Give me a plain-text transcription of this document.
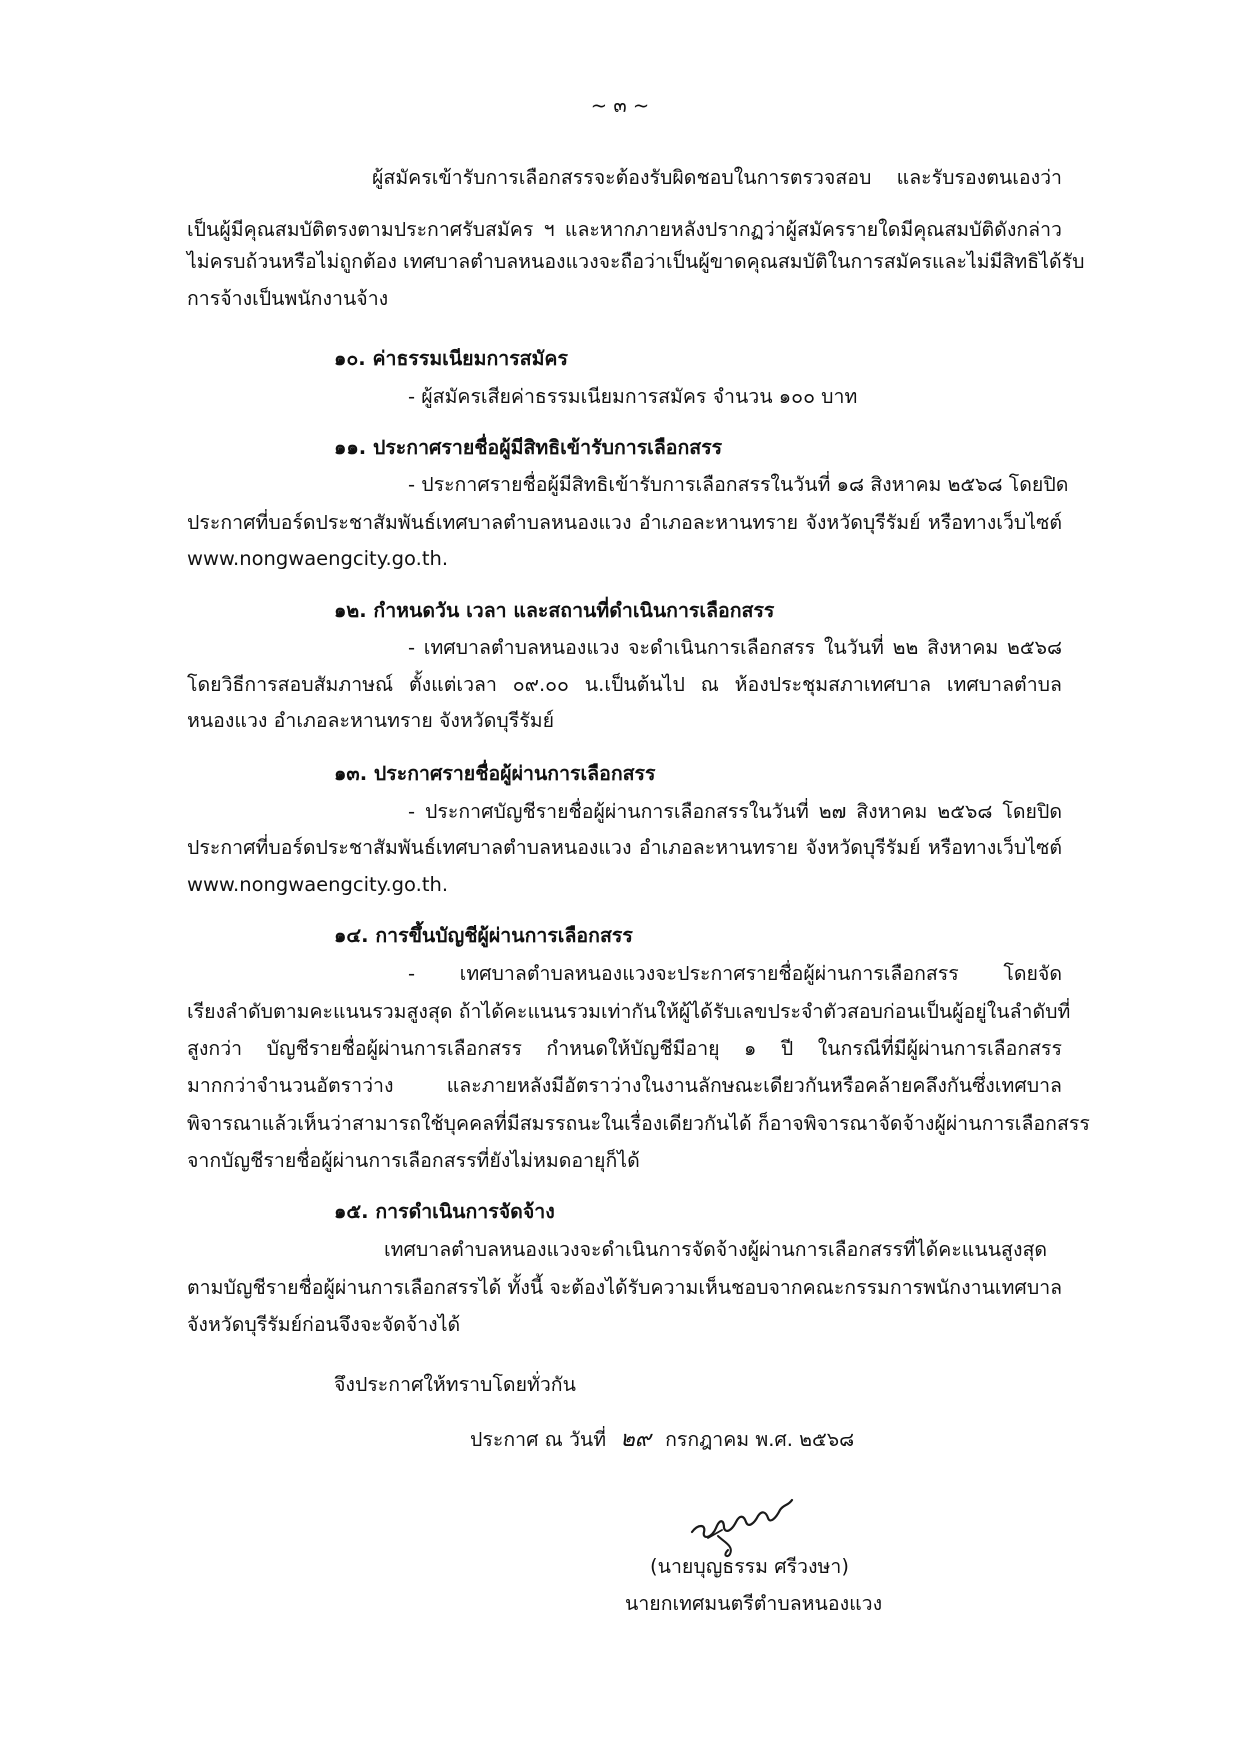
~ ๓ ~
ผู้สมัครเข้ารับการเลือกสรรจะต้องรับผิดชอบในการตรวจสอบ และรับรองตนเองว่า
เป็นผู้มีคุณสมบัติตรงตามประกาศรับสมัคร ฯ และหากภายหลังปรากฏว่าผู้สมัครรายใดมีคุณสมบัติดังกล่าว
ไม่ครบถ้วนหรือไม่ถูกต้อง เทศบาลตำบลหนองแวงจะถือว่าเป็นผู้ขาดคุณสมบัติในการสมัครและไม่มีสิทธิได้รับ
การจ้างเป็นพนักงานจ้าง
๑๐. ค่าธรรมเนียมการสมัคร
- ผู้สมัครเสียค่าธรรมเนียมการสมัคร จำนวน ๑๐๐ บาท
๑๑. ประกาศรายชื่อผู้มีสิทธิเข้ารับการเลือกสรร
- ประกาศรายชื่อผู้มีสิทธิเข้ารับการเลือกสรรในวันที่ ๑๘ สิงหาคม ๒๕๖๘ โดยปิด
ประกาศที่บอร์ดประชาสัมพันธ์เทศบาลตำบลหนองแวง อำเภอละหานทราย จังหวัดบุรีรัมย์ หรือทางเว็บไซต์
www.nongwaengcity.go.th.
๑๒. กำหนดวัน เวลา และสถานที่ดำเนินการเลือกสรร
- เทศบาลตำบลหนองแวง จะดำเนินการเลือกสรร ในวันที่ ๒๒ สิงหาคม ๒๕๖๘
โดยวิธีการสอบสัมภาษณ์ ตั้งแต่เวลา ๐๙.๐๐ น.เป็นต้นไป ณ ห้องประชุมสภาเทศบาล เทศบาลตำบล
หนองแวง อำเภอละหานทราย จังหวัดบุรีรัมย์
๑๓. ประกาศรายชื่อผู้ผ่านการเลือกสรร
- ประกาศบัญชีรายชื่อผู้ผ่านการเลือกสรรในวันที่ ๒๗ สิงหาคม ๒๕๖๘ โดยปิด
ประกาศที่บอร์ดประชาสัมพันธ์เทศบาลตำบลหนองแวง อำเภอละหานทราย จังหวัดบุรีรัมย์ หรือทางเว็บไซต์
www.nongwaengcity.go.th.
๑๔. การขึ้นบัญชีผู้ผ่านการเลือกสรร
- เทศบาลตำบลหนองแวงจะประกาศรายชื่อผู้ผ่านการเลือกสรร โดยจัด
เรียงลำดับตามคะแนนรวมสูงสุด ถ้าได้คะแนนรวมเท่ากันให้ผู้ได้รับเลขประจำตัวสอบก่อนเป็นผู้อยู่ในลำดับที่
สูงกว่า บัญชีรายชื่อผู้ผ่านการเลือกสรร กำหนดให้บัญชีมีอายุ ๑ ปี ในกรณีที่มีผู้ผ่านการเลือกสรร
มากกว่าจำนวนอัตราว่าง และภายหลังมีอัตราว่างในงานลักษณะเดียวกันหรือคล้ายคลึงกันซึ่งเทศบาล
พิจารณาแล้วเห็นว่าสามารถใช้บุคคลที่มีสมรรถนะในเรื่องเดียวกันได้ ก็อาจพิจารณาจัดจ้างผู้ผ่านการเลือกสรร
จากบัญชีรายชื่อผู้ผ่านการเลือกสรรที่ยังไม่หมดอายุก็ได้
๑๕. การดำเนินการจัดจ้าง
เทศบาลตำบลหนองแวงจะดำเนินการจัดจ้างผู้ผ่านการเลือกสรรที่ได้คะแนนสูงสุด
ตามบัญชีรายชื่อผู้ผ่านการเลือกสรรได้ ทั้งนี้ จะต้องได้รับความเห็นชอบจากคณะกรรมการพนักงานเทศบาล
จังหวัดบุรีรัมย์ก่อนจึงจะจัดจ้างได้
จึงประกาศให้ทราบโดยทั่วกัน
ประกาศ ณ วันที่ ๒๙ กรกฎาคม พ.ศ. ๒๕๖๘
(นายบุญธรรม ศรีวงษา)
นายกเทศมนตรีตำบลหนองแวง
